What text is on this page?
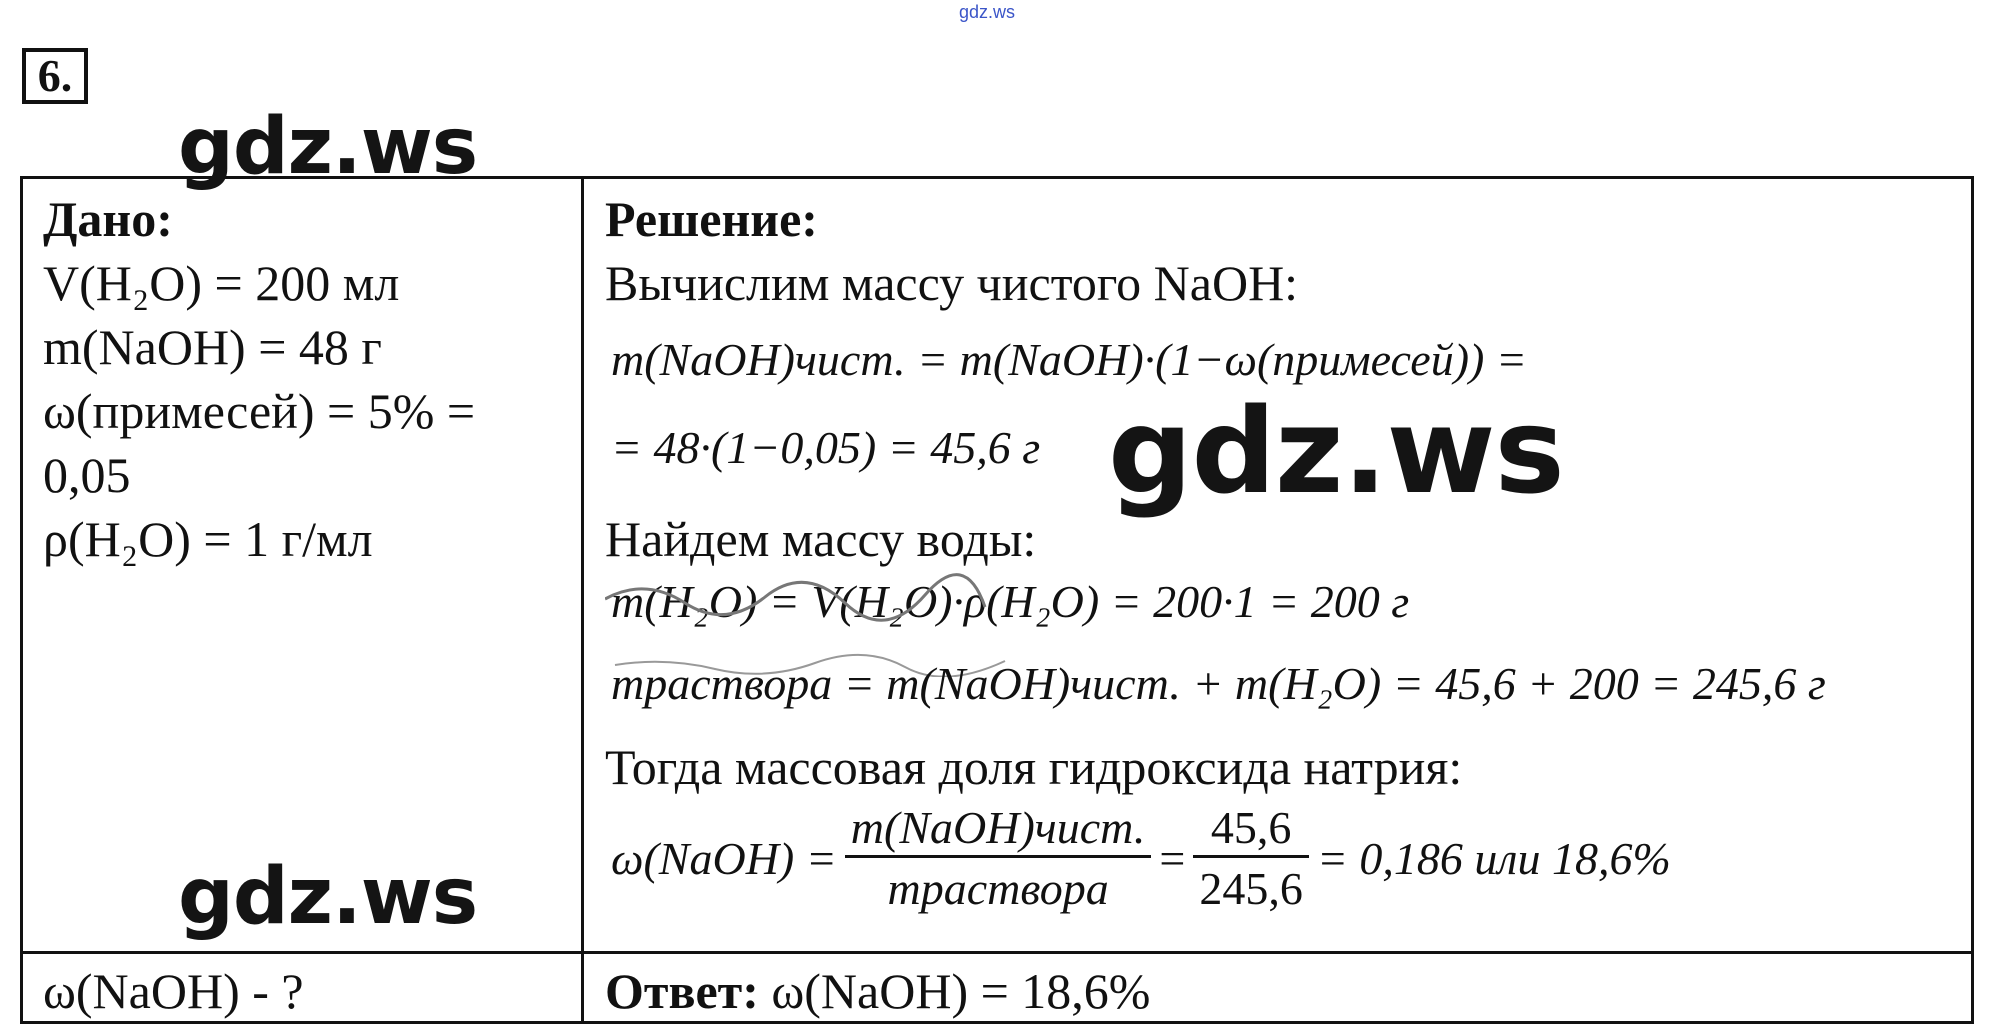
gdz.ws
6.
gdz.ws
gdz.ws
gdz.ws
Дано:
V(H₂O) = 200 мл
m(NaOH) = 48 г
ω(примесей) = 5% =
0,05
ρ(H₂O) = 1 г/мл
ω(NaOH) - ?
Решение:
Вычислим массу чистого NaOH:
m(NaOH)чист. = m(NaOH)·(1−ω(примесей)) =
= 48·(1−0,05) = 45,6 г
Найдем массу воды:
m(H₂O) = V(H₂O)·ρ(H₂O) = 200·1 = 200 г
mраствора = m(NaOH)чист. + m(H₂O) = 45,6 + 200 = 245,6 г
Тогда массовая доля гидроксида натрия:
ω(NaOH) = $\frac{\text{m(NaOH)чист.}}{\text{mраствора}} = \frac{45,6}{245,6} = 0,186$ или 18,6%
Ответ: ω(NaOH) = 18,6%
